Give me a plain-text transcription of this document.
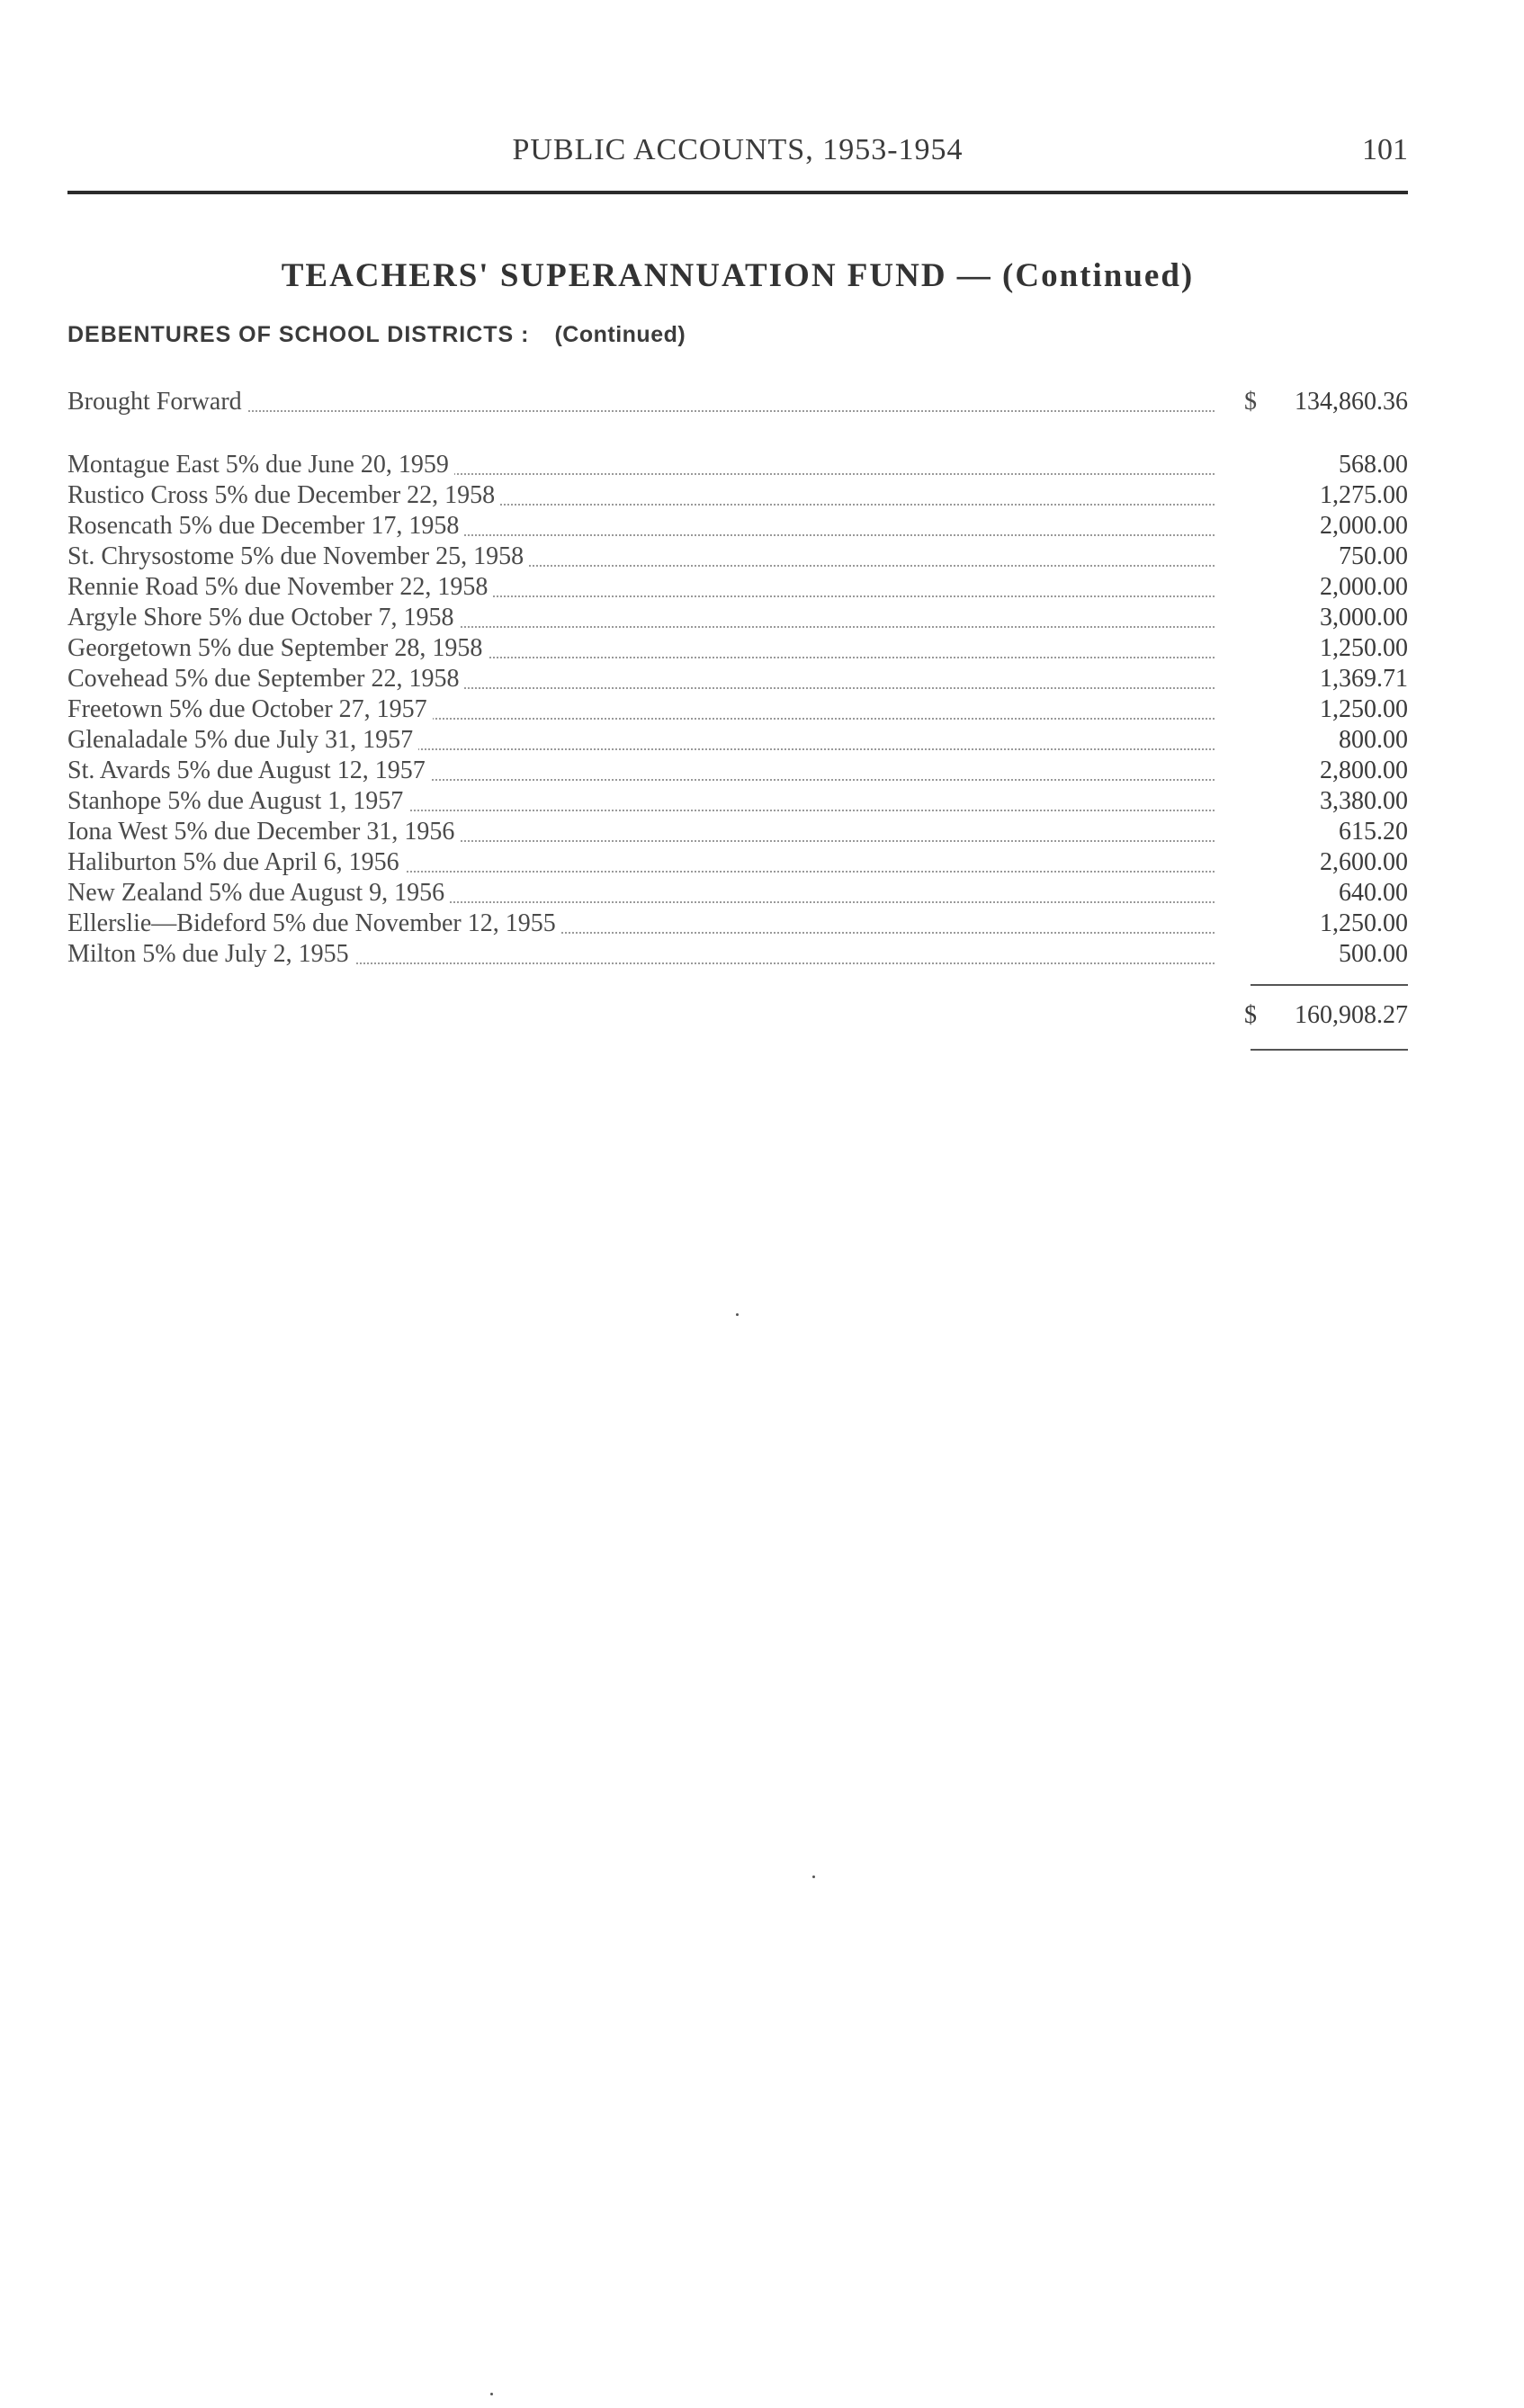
PUBLIC ACCOUNTS, 1953-1954	101
TEACHERS' SUPERANNUATION FUND — (Continued)
DEBENTURES OF SCHOOL DISTRICTS : (Continued)
Brought Forward	$ 134,860.36
Montague East 5% due June 20, 1959	568.00
Rustico Cross 5% due December 22, 1958	1,275.00
Rosencath 5% due December 17, 1958	2,000.00
St. Chrysostome 5% due November 25, 1958	750.00
Rennie Road 5% due November 22, 1958	2,000.00
Argyle Shore 5% due October 7, 1958	3,000.00
Georgetown 5% due September 28, 1958	1,250.00
Covehead 5% due September 22, 1958	1,369.71
Freetown 5% due October 27, 1957	1,250.00
Glenaladale 5% due July 31, 1957	800.00
St. Avards 5% due August 12, 1957	2,800.00
Stanhope 5% due August 1, 1957	3,380.00
Iona West 5% due December 31, 1956	615.20
Haliburton 5% due April 6, 1956	2,600.00
New Zealand 5% due August 9, 1956	640.00
Ellerslie—Bideford 5% due November 12, 1955	1,250.00
Milton 5% due July 2, 1955	500.00
$ 160,908.27
